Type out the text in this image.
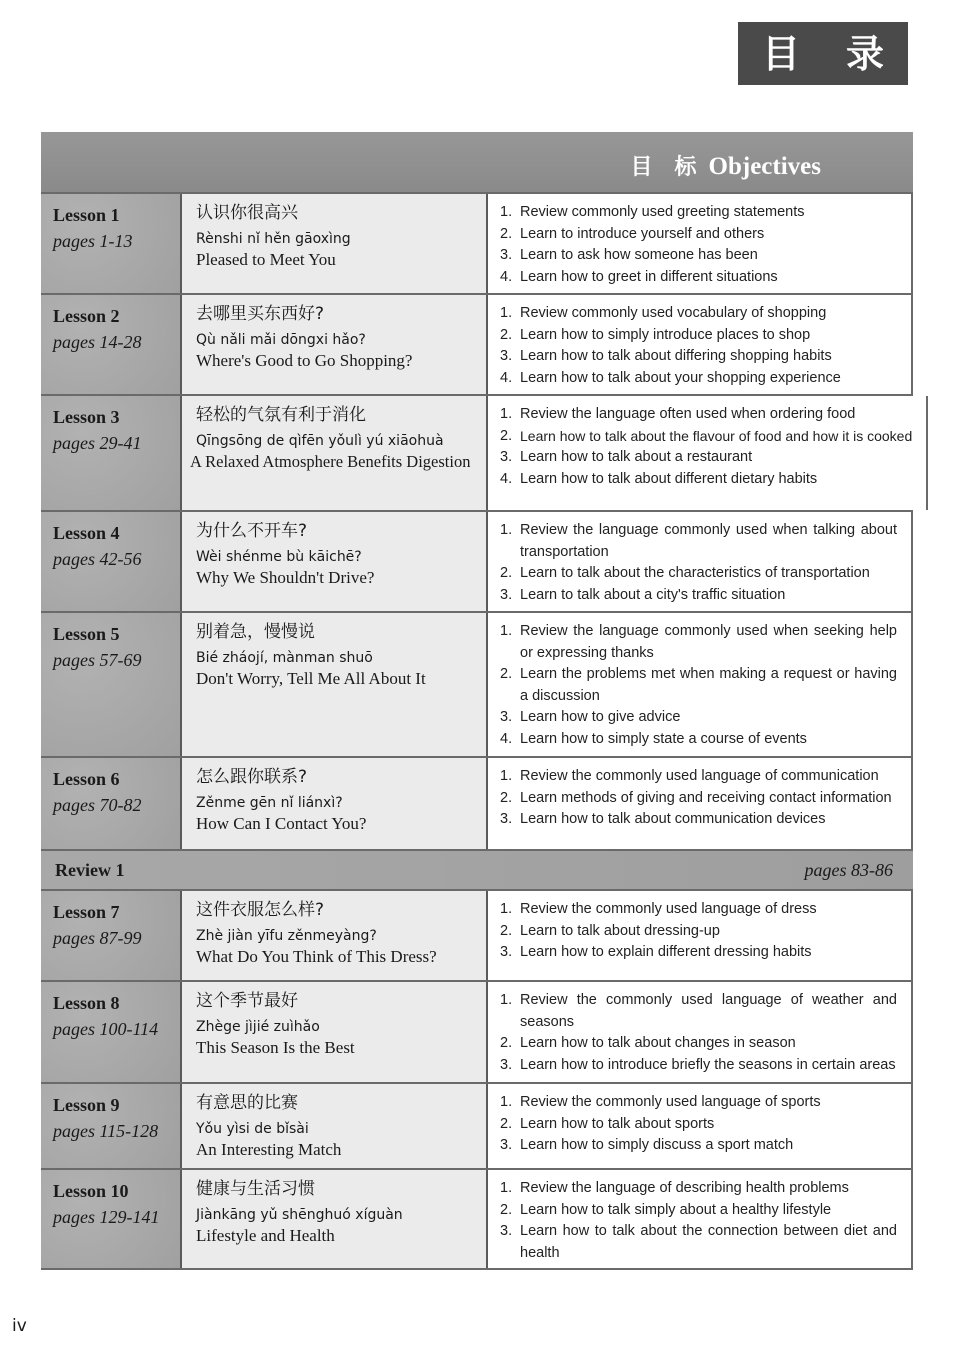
目 录
目 标 Objectives
Lesson 1
pages 1-13
认识你很高兴
Rènshi nǐ hěn gāoxìng
Pleased to Meet You
1. Review commonly used greeting statements
2. Learn to introduce yourself and others
3. Learn to ask how someone has been
4. Learn how to greet in different situations
Lesson 2
pages 14-28
去哪里买东西好?
Qù nǎli mǎi dōngxi hǎo?
Where's Good to Go Shopping?
1. Review commonly used vocabulary of shopping
2. Learn how to simply introduce places to shop
3. Learn how to talk about differing shopping habits
4. Learn how to talk about your shopping experience
Lesson 3
pages 29-41
轻松的气氛有利于消化
Qīngsōng de qìfēn yǒulì yú xiāohuà
A Relaxed Atmosphere Benefits Digestion
1. Review the language often used when ordering food
2. Learn how to talk about the flavour of food and how it is cooked
3. Learn how to talk about a restaurant
4. Learn how to talk about different dietary habits
Lesson 4
pages 42-56
为什么不开车?
Wèi shénme bù kāichē?
Why We Shouldn't Drive?
1. Review the language commonly used when talking about transportation
2. Learn to talk about the characteristics of transportation
3. Learn to talk about a city's traffic situation
Lesson 5
pages 57-69
别着急，慢慢说
Bié zháojí, mànman shuō
Don't Worry, Tell Me All About It
1. Review the language commonly used when seeking help or expressing thanks
2. Learn the problems met when making a request or having a discussion
3. Learn how to give advice
4. Learn how to simply state a course of events
Lesson 6
pages 70-82
怎么跟你联系?
Zěnme gēn nǐ liánxì?
How Can I Contact You?
1. Review the commonly used language of communication
2. Learn methods of giving and receiving contact information
3. Learn how to talk about communication devices
Review 1	pages 83-86
Lesson 7
pages 87-99
这件衣服怎么样?
Zhè jiàn yīfu zěnmeyàng?
What Do You Think of This Dress?
1. Review the commonly used language of dress
2. Learn to talk about dressing-up
3. Learn how to explain different dressing habits
Lesson 8
pages 100-114
这个季节最好
Zhège jìjié zuìhǎo
This Season Is the Best
1. Review the commonly used language of weather and seasons
2. Learn how to talk about changes in season
3. Learn how to introduce briefly the seasons in certain areas
Lesson 9
pages 115-128
有意思的比赛
Yǒu yìsi de bǐsài
An Interesting Match
1. Review the commonly used language of sports
2. Learn how to talk about sports
3. Learn how to simply discuss a sport match
Lesson 10
pages 129-141
健康与生活习惯
Jiànkāng yǔ shēnghuó xíguàn
Lifestyle and Health
1. Review the language of describing health problems
2. Learn how to talk simply about a healthy lifestyle
3. Learn how to talk about the connection between diet and health
iv
